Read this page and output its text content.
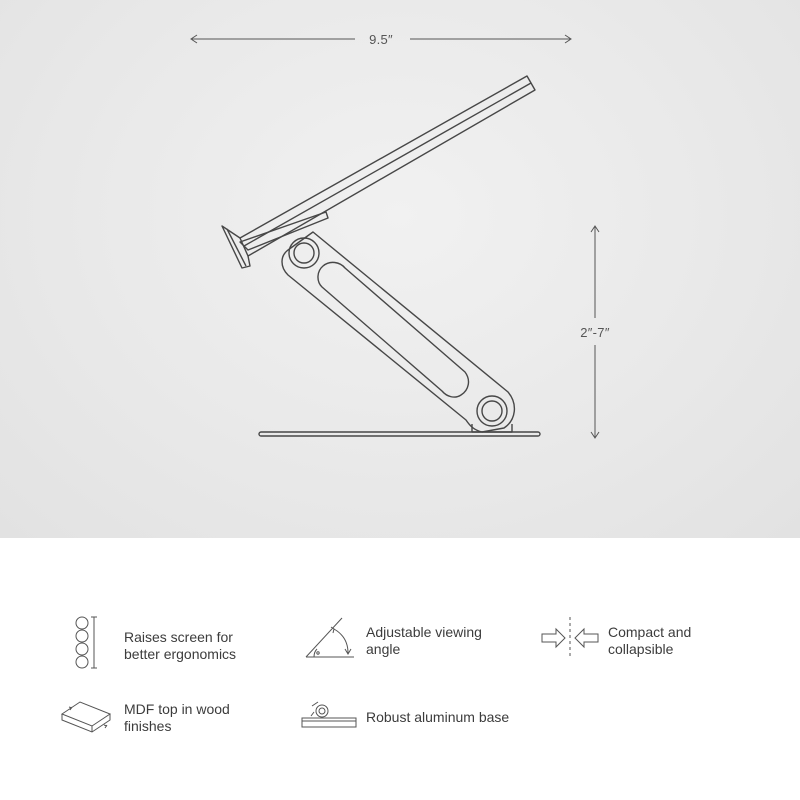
9.5″
2″-7″
Raises screen for
better ergonomics
Adjustable viewing
angle
Compact and
collapsible
MDF top in wood
finishes
Robust aluminum base
